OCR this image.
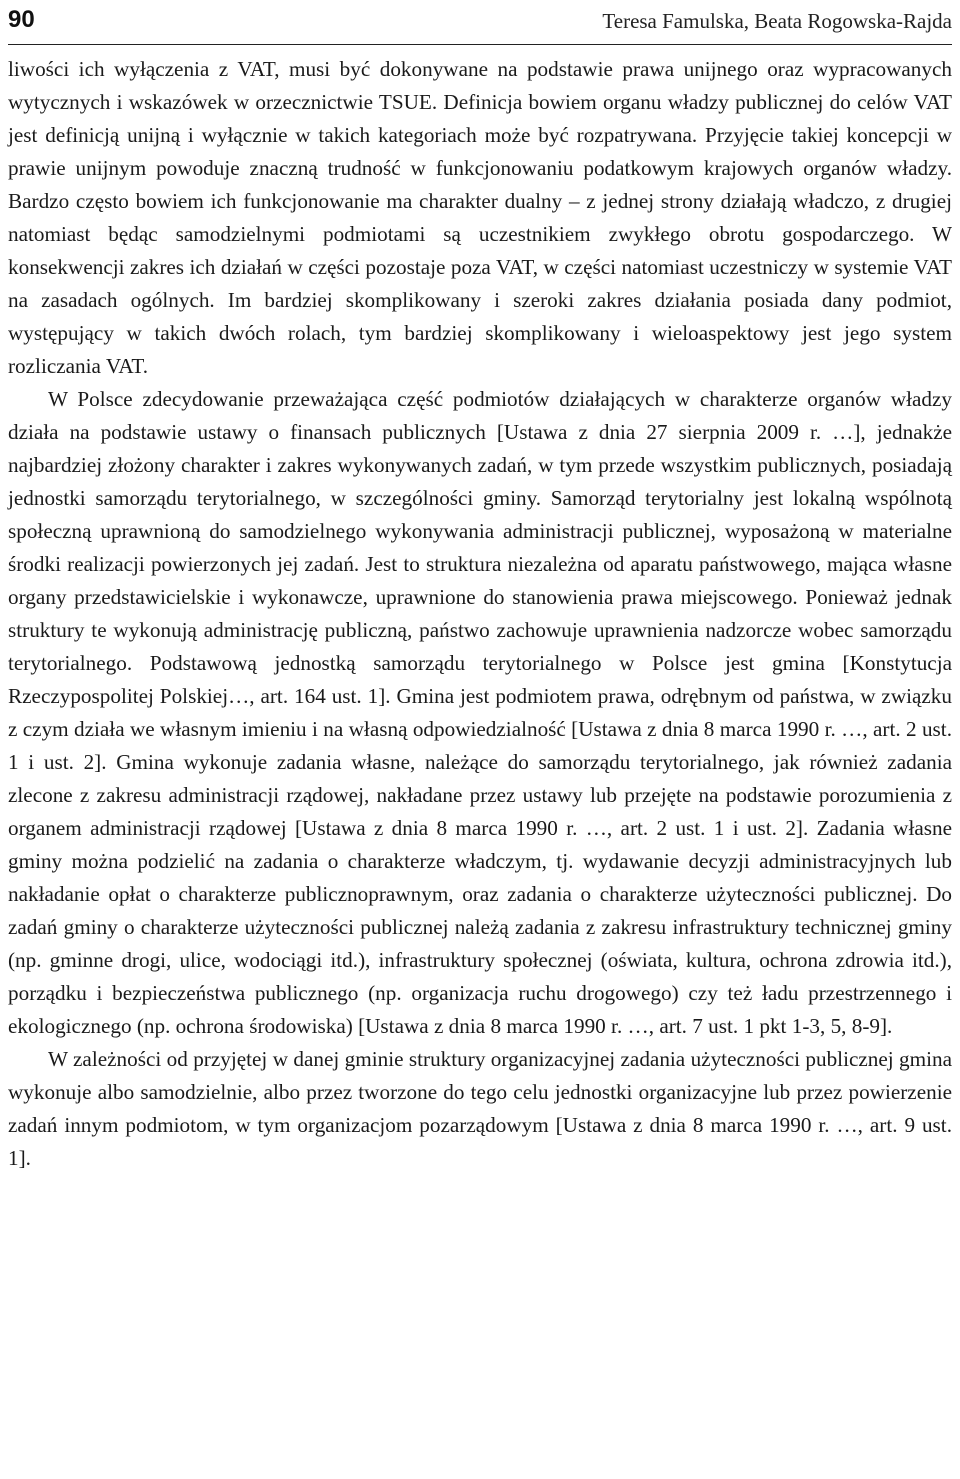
90	Teresa Famulska, Beata Rogowska-Rajda

liwości ich wyłączenia z VAT, musi być dokonywane na podstawie prawa unijnego oraz wypracowanych wytycznych i wskazówek w orzecznictwie TSUE. Definicja bowiem organu władzy publicznej do celów VAT jest definicją unijną i wyłącznie w takich kategoriach może być rozpatrywana. Przyjęcie takiej koncepcji w prawie unijnym powoduje znaczną trudność w funkcjonowaniu podatkowym krajowych organów władzy. Bardzo często bowiem ich funkcjonowanie ma charakter dualny – z jednej strony działają władczo, z drugiej natomiast będąc samodzielnymi podmiotami są uczestnikiem zwykłego obrotu gospodarczego. W konsekwencji zakres ich działań w części pozostaje poza VAT, w części natomiast uczestniczy w systemie VAT na zasadach ogólnych. Im bardziej skomplikowany i szeroki zakres działania posiada dany podmiot, występujący w takich dwóch rolach, tym bardziej skomplikowany i wieloaspektowy jest jego system rozliczania VAT.

W Polsce zdecydowanie przeważająca część podmiotów działających w charakterze organów władzy działa na podstawie ustawy o finansach publicznych [Ustawa z dnia 27 sierpnia 2009 r. …], jednakże najbardziej złożony charakter i zakres wykonywanych zadań, w tym przede wszystkim publicznych, posiadają jednostki samorządu terytorialnego, w szczególności gminy. Samorząd terytorialny jest lokalną wspólnotą społeczną uprawnioną do samodzielnego wykonywania administracji publicznej, wyposażoną w materialne środki realizacji powierzonych jej zadań. Jest to struktura niezależna od aparatu państwowego, mająca własne organy przedstawicielskie i wykonawcze, uprawnione do stanowienia prawa miejscowego. Ponieważ jednak struktury te wykonują administrację publiczną, państwo zachowuje uprawnienia nadzorcze wobec samorządu terytorialnego. Podstawową jednostką samorządu terytorialnego w Polsce jest gmina [Konstytucja Rzeczypospolitej Polskiej…, art. 164 ust. 1]. Gmina jest podmiotem prawa, odrębnym od państwa, w związku z czym działa we własnym imieniu i na własną odpowiedzialność [Ustawa z dnia 8 marca 1990 r. …, art. 2 ust. 1 i ust. 2]. Gmina wykonuje zadania własne, należące do samorządu terytorialnego, jak również zadania zlecone z zakresu administracji rządowej, nakładane przez ustawy lub przejęte na podstawie porozumienia z organem administracji rządowej [Ustawa z dnia 8 marca 1990 r. …, art. 2 ust. 1 i ust. 2]. Zadania własne gminy można podzielić na zadania o charakterze władczym, tj. wydawanie decyzji administracyjnych lub nakładanie opłat o charakterze publicznoprawnym, oraz zadania o charakterze użyteczności publicznej. Do zadań gminy o charakterze użyteczności publicznej należą zadania z zakresu infrastruktury technicznej gminy (np. gminne drogi, ulice, wodociągi itd.), infrastruktury społecznej (oświata, kultura, ochrona zdrowia itd.), porządku i bezpieczeństwa publicznego (np. organizacja ruchu drogowego) czy też ładu przestrzennego i ekologicznego (np. ochrona środowiska) [Ustawa z dnia 8 marca 1990 r. …, art. 7 ust. 1 pkt 1-3, 5, 8-9].

W zależności od przyjętej w danej gminie struktury organizacyjnej zadania użyteczności publicznej gmina wykonuje albo samodzielnie, albo przez tworzone do tego celu jednostki organizacyjne lub przez powierzenie zadań innym podmiotom, w tym organizacjom pozarządowym [Ustawa z dnia 8 marca 1990 r. …, art. 9 ust. 1].
